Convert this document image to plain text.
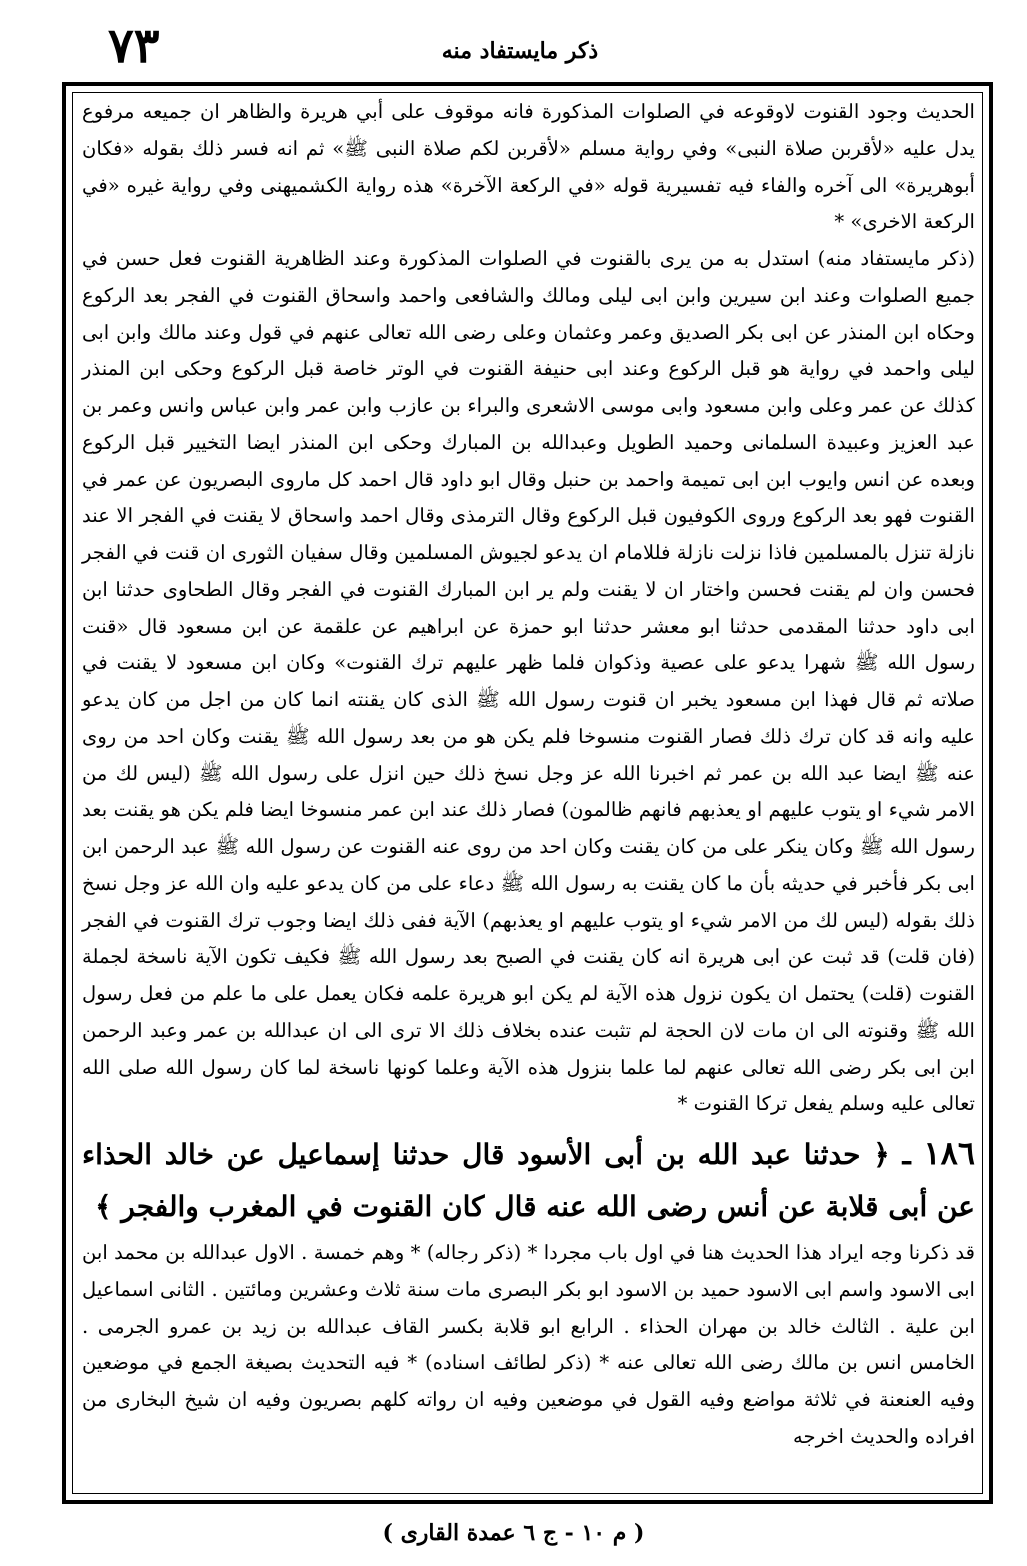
٧٣	ذكر مايستفاد منه

الحديث وجود القنوت لاوقوعه في الصلوات المذكورة فانه موقوف على أبي هريرة والظاهر ان جميعه مرفوع يدل عليه «لأقربن صلاة النبى» وفي رواية مسلم «لأقربن لكم صلاة النبى ﷺ» ثم انه فسر ذلك بقوله «فكان أبوهريرة» الى آخره والفاء فيه تفسيرية قوله «في الركعة الآخرة» هذه رواية الكشميهنى وفي رواية غيره «في الركعة الاخرى» *

(ذكر مايستفاد منه) استدل به من يرى بالقنوت في الصلوات المذكورة وعند الظاهرية القنوت فعل حسن في جميع الصلوات وعند ابن سيرين وابن ابى ليلى ومالك والشافعى واحمد واسحاق القنوت في الفجر بعد الركوع وحكاه ابن المنذر عن ابى بكر الصديق وعمر وعثمان وعلى رضى الله تعالى عنهم في قول وعند مالك وابن ابى ليلى واحمد في رواية هو قبل الركوع وعند ابى حنيفة القنوت في الوتر خاصة قبل الركوع وحكى ابن المنذر كذلك عن عمر وعلى وابن مسعود وابى موسى الاشعرى والبراء بن عازب وابن عمر وابن عباس وانس وعمر بن عبد العزيز وعبيدة السلمانى وحميد الطويل وعبدالله بن المبارك وحكى ابن المنذر ايضا التخيير قبل الركوع وبعده عن انس وايوب ابن ابى تميمة واحمد بن حنبل وقال ابو داود قال احمد كل ماروى البصريون عن عمر في القنوت فهو بعد الركوع وروى الكوفيون قبل الركوع وقال الترمذى وقال احمد واسحاق لا يقنت في الفجر الا عند نازلة تنزل بالمسلمين فاذا نزلت نازلة فللامام ان يدعو لجيوش المسلمين وقال سفيان الثورى ان قنت في الفجر فحسن وان لم يقنت فحسن واختار ان لا يقنت ولم ير ابن المبارك القنوت في الفجر وقال الطحاوى حدثنا ابن ابى داود حدثنا المقدمى حدثنا ابو معشر حدثنا ابو حمزة عن ابراهيم عن علقمة عن ابن مسعود قال «قنت رسول الله ﷺ شهرا يدعو على عصية وذكوان فلما ظهر عليهم ترك القنوت» وكان ابن مسعود لا يقنت في صلاته ثم قال فهذا ابن مسعود يخبر ان قنوت رسول الله ﷺ الذى كان يقنته انما كان من اجل من كان يدعو عليه وانه قد كان ترك ذلك فصار القنوت منسوخا فلم يكن هو من بعد رسول الله ﷺ يقنت وكان احد من روى عنه ﷺ ايضا عبد الله بن عمر ثم اخبرنا الله عز وجل نسخ ذلك حين انزل على رسول الله ﷺ (ليس لك من الامر شيء او يتوب عليهم او يعذبهم فانهم ظالمون) فصار ذلك عند ابن عمر منسوخا ايضا فلم يكن هو يقنت بعد رسول الله ﷺ وكان ينكر على من كان يقنت وكان احد من روى عنه القنوت عن رسول الله ﷺ عبد الرحمن ابن ابى بكر فأخبر في حديثه بأن ما كان يقنت به رسول الله ﷺ دعاء على من كان يدعو عليه وان الله عز وجل نسخ ذلك بقوله (ليس لك من الامر شيء او يتوب عليهم او يعذبهم) الآية ففى ذلك ايضا وجوب ترك القنوت في الفجر (فان قلت) قد ثبت عن ابى هريرة انه كان يقنت في الصبح بعد رسول الله ﷺ فكيف تكون الآية ناسخة لجملة القنوت (قلت) يحتمل ان يكون نزول هذه الآية لم يكن ابو هريرة علمه فكان يعمل على ما علم من فعل رسول الله ﷺ وقنوته الى ان مات لان الحجة لم تثبت عنده بخلاف ذلك الا ترى الى ان عبدالله بن عمر وعبد الرحمن ابن ابى بكر رضى الله تعالى عنهم لما علما بنزول هذه الآية وعلما كونها ناسخة لما كان رسول الله صلى الله تعالى عليه وسلم يفعل تركا القنوت *

١٨٦ ـ ﴿ حدثنا عبد الله بن أبى الأسود قال حدثنا إسماعيل عن خالد الحذاء عن أبى قلابة عن أنس رضى الله عنه قال كان القنوت في المغرب والفجر ﴾

قد ذكرنا وجه ايراد هذا الحديث هنا في اول باب مجردا * (ذكر رجاله) * وهم خمسة . الاول عبدالله بن محمد ابن ابى الاسود واسم ابى الاسود حميد بن الاسود ابو بكر البصرى مات سنة ثلاث وعشرين ومائتين . الثانى اسماعيل ابن علية . الثالث خالد بن مهران الحذاء . الرابع ابو قلابة بكسر القاف عبدالله بن زيد بن عمرو الجرمى . الخامس انس بن مالك رضى الله تعالى عنه * (ذكر لطائف اسناده) * فيه التحديث بصيغة الجمع في موضعين وفيه العنعنة في ثلاثة مواضع وفيه القول في موضعين وفيه ان رواته كلهم بصريون وفيه ان شيخ البخارى من افراده والحديث اخرجه

( م ١٠ - ج ٦ عمدة القارى )
